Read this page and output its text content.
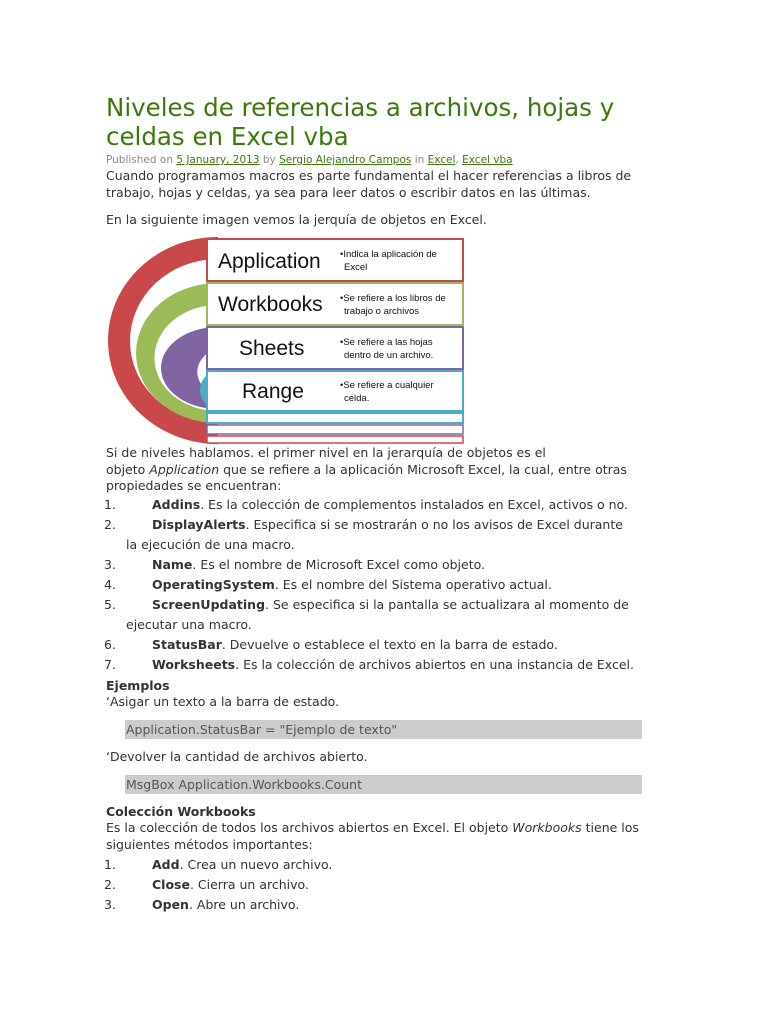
Niveles de referencias a archivos, hojas y celdas en Excel vba
Published on 5 January, 2013 by Sergio Alejandro Campos in Excel, Excel vba
Cuando programamos macros es parte fundamental el hacer referencias a libros de trabajo, hojas y celdas, ya sea para leer datos o escribir datos en las últimas.
En la siguiente imagen vemos la jerquía de objetos en Excel.
Application
Workbooks
Sheets
Range
•Indica la aplicación de
Excel
•Se refiere a los libros de
trabajo o archivos
•Se refiere a las hojas
dentro de un archivo.
•Se refiere a cualquier
celda.
Si de niveles hablamos. el primer nivel en la jerarquía de objetos es el
objeto Application que se refiere a la aplicación Microsoft Excel, la cual, entre otras
propiedades se encuentran:
1.	Addins. Es la colección de complementos instalados en Excel, activos o no.
2.	DisplayAlerts. Especifica si se mostrarán o no los avisos de Excel durante
la ejecución de una macro.
3.	Name. Es el nombre de Microsoft Excel como objeto.
4.	OperatingSystem. Es el nombre del Sistema operativo actual.
5.	ScreenUpdating. Se especifica si la pantalla se actualizara al momento de
ejecutar una macro.
6.	StatusBar. Devuelve o establece el texto en la barra de estado.
7.	Worksheets. Es la colección de archivos abiertos en una instancia de Excel.
Ejemplos
‘Asigar un texto a la barra de estado.
Application.StatusBar = "Ejemplo de texto"
‘Devolver la cantidad de archivos abierto.
MsgBox Application.Workbooks.Count
Colección Workbooks
Es la colección de todos los archivos abiertos en Excel. El objeto Workbooks tiene los siguientes métodos importantes:
1.	Add. Crea un nuevo archivo.
2.	Close. Cierra un archivo.
3.	Open. Abre un archivo.
